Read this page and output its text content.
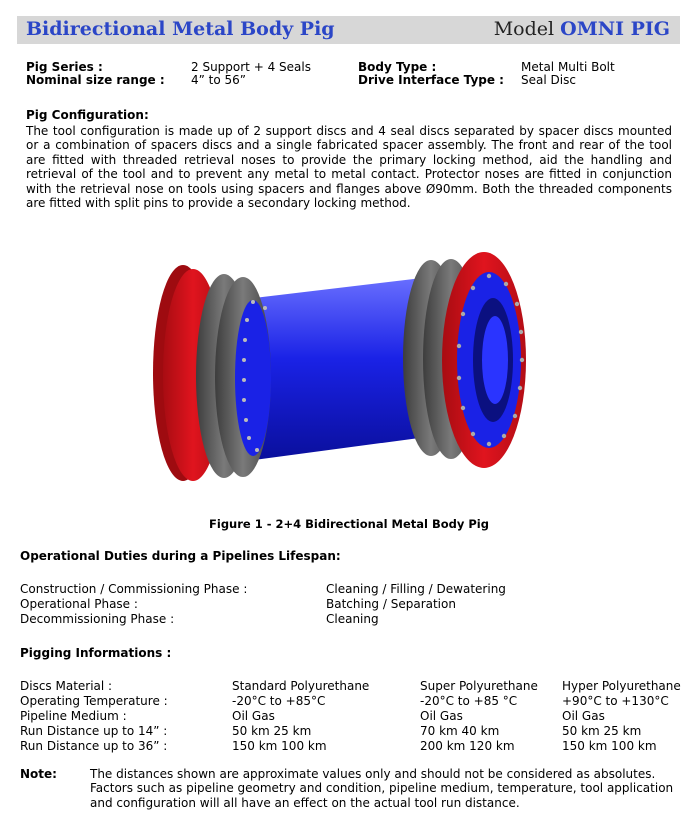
Bidirectional Metal Body Pig	Model OMNI PIG
Pig Series :	2 Support + 4 Seals
Nominal size range : 4” to 56”
Body Type :	Metal Multi Bolt
Drive Interface Type : Seal Disc
Pig Configuration:
The tool configuration is made up of 2 support discs and 4 seal discs separated by spacer discs mounted or a combination of spacers discs and a single fabricated spacer assembly. The front and rear of the tool are fitted with threaded retrieval noses to provide the primary locking method, aid the handling and retrieval of the tool and to prevent any metal to metal contact. Protector noses are fitted in conjunction with the retrieval nose on tools using spacers and flanges above Ø90mm. Both the threaded components are fitted with split pins to provide a secondary locking method.
Figure 1 - 2+4 Bidirectional Metal Body Pig
Operational Duties during a Pipelines Lifespan:
Construction / Commissioning Phase :	Cleaning / Filling / Dewatering
Operational Phase :	Batching / Separation
Decommissioning Phase :	Cleaning
Pigging Informations :
Discs Material :	Standard Polyurethane	Super Polyurethane Hyper Polyurethane
Operating Temperature :	-20°C to +85°C	-20°C to +85 °C	+90°C to +130°C
Pipeline Medium :	Oil Gas	Oil Gas	Oil Gas
Run Distance up to 14” :	50 km 25 km	70 km 40 km	50 km 25 km
Run Distance up to 36” :	150 km 100 km	200 km 120 km	150 km 100 km
Note:	The distances shown are approximate values only and should not be considered as absolutes. Factors such as pipeline geometry and condition, pipeline medium, temperature, tool application and configuration will all have an effect on the actual tool run distance.
